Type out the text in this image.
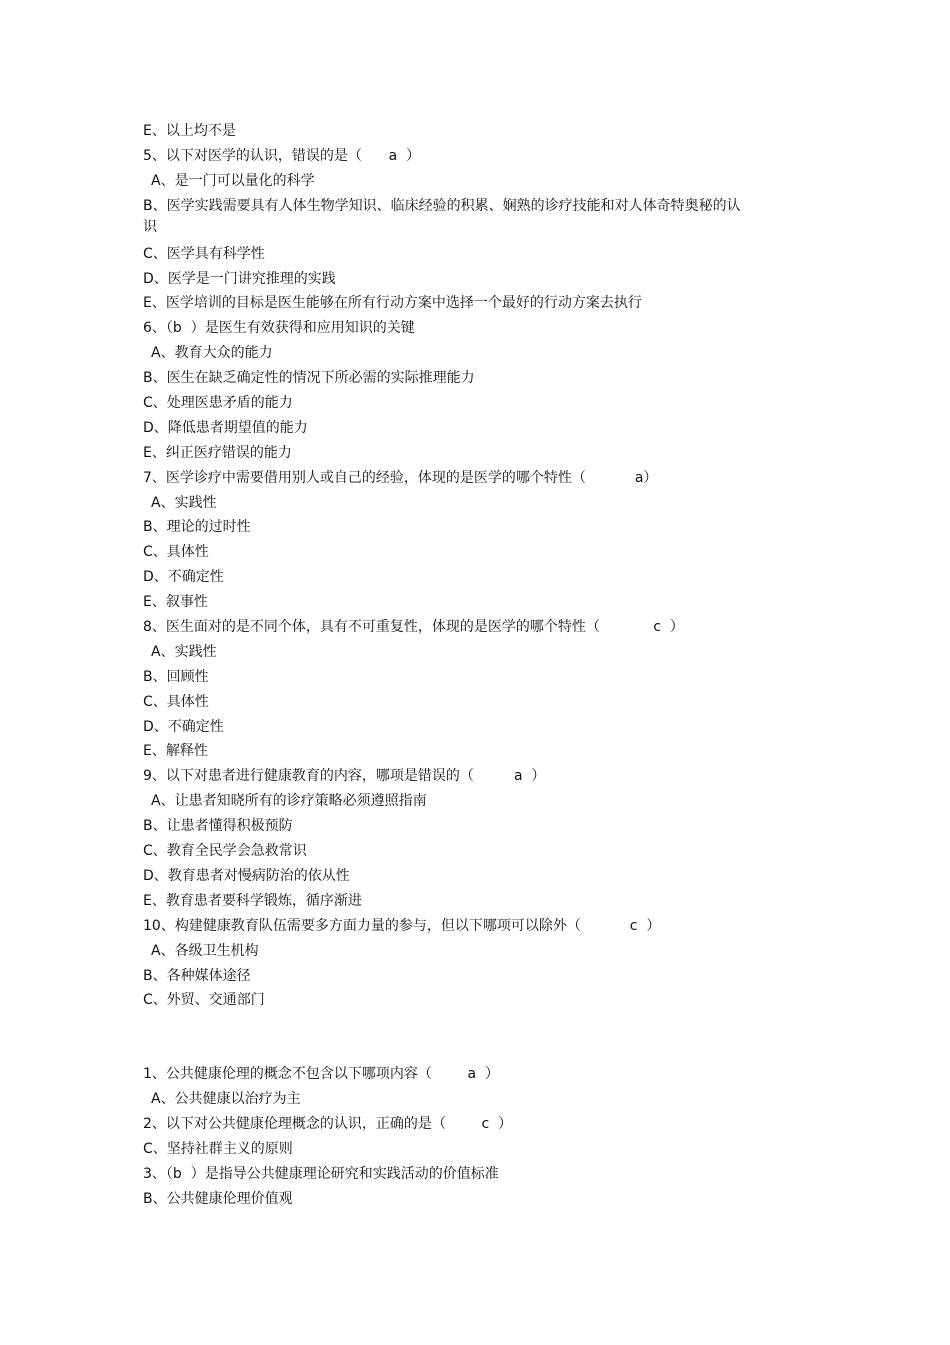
E、以上均不是
5、以下对医学的认识，错误的是（      a  ）
A、是一门可以量化的科学
B、医学实践需要具有人体生物学知识、临床经验的积累、娴熟的诊疗技能和对人体奇特奥秘的认识
C、医学具有科学性
D、医学是一门讲究推理的实践
E、医学培训的目标是医生能够在所有行动方案中选择一个最好的行动方案去执行
6、（b  ）是医生有效获得和应用知识的关键
A、教育大众的能力
B、医生在缺乏确定性的情况下所必需的实际推理能力
C、处理医患矛盾的能力
D、降低患者期望值的能力
E、纠正医疗错误的能力
7、医学诊疗中需要借用别人或自己的经验，体现的是医学的哪个特性（           a）
A、实践性
B、理论的过时性
C、具体性
D、不确定性
E、叙事性
8、医生面对的是不同个体，具有不可重复性，体现的是医学的哪个特性（            c  ）
A、实践性
B、回顾性
C、具体性
D、不确定性
E、解释性
9、以下对患者进行健康教育的内容，哪项是错误的（         a  ）
A、让患者知晓所有的诊疗策略必须遵照指南
B、让患者懂得积极预防
C、教育全民学会急救常识
D、教育患者对慢病防治的依从性
E、教育患者要科学锻炼，循序渐进
10、构建健康教育队伍需要多方面力量的参与，但以下哪项可以除外（           c  ）
A、各级卫生机构
B、各种媒体途径
C、外贸、交通部门
1、公共健康伦理的概念不包含以下哪项内容（        a  ）
A、公共健康以治疗为主
2、以下对公共健康伦理概念的认识，正确的是（        c  ）
C、坚持社群主义的原则
3、（b  ）是指导公共健康理论研究和实践活动的价值标准
B、公共健康伦理价值观
